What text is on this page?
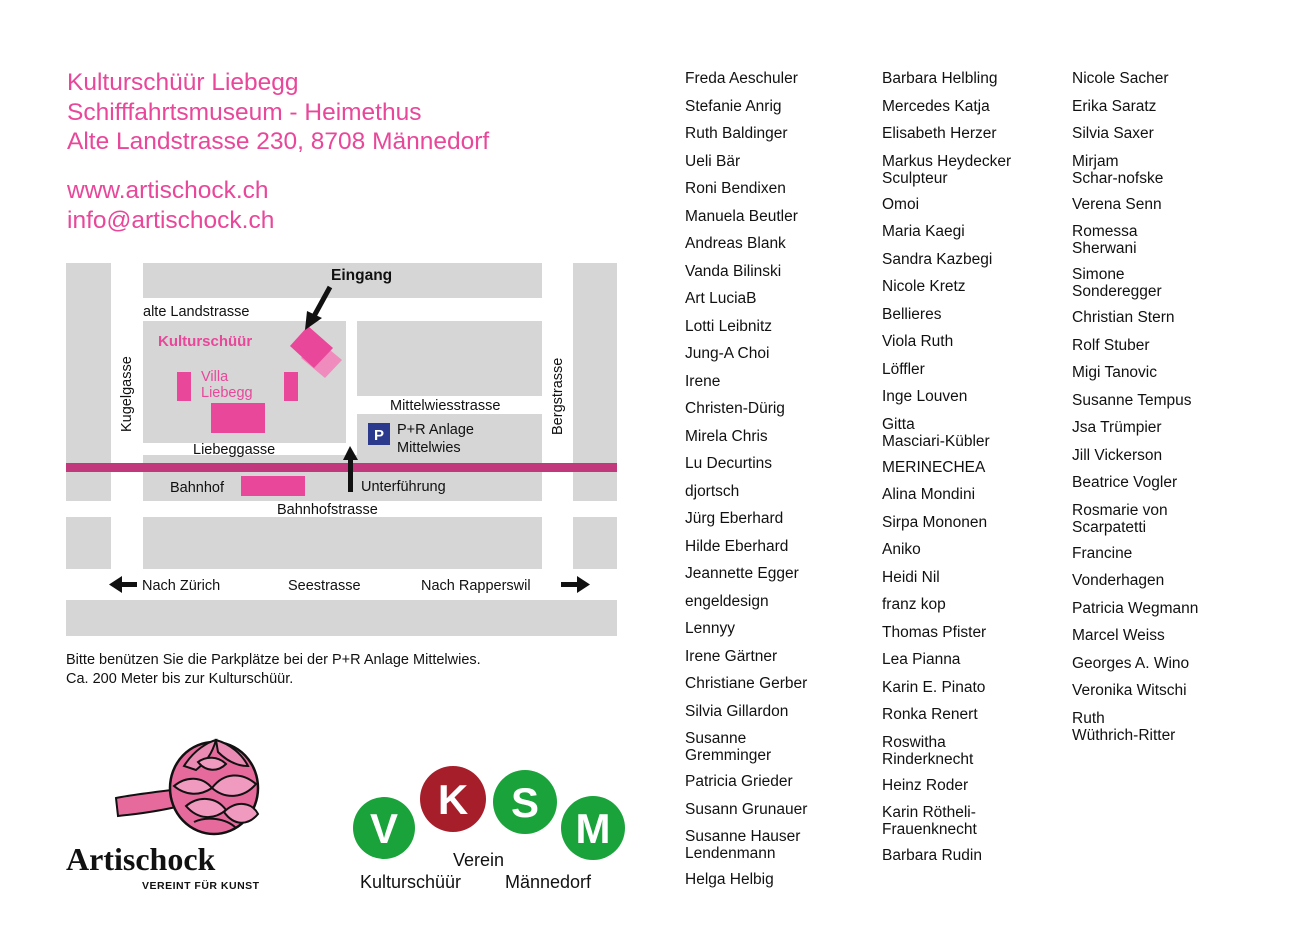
Kulturschüür Liebegg
Schifffahrtsmuseum - Heimethus
Alte Landstrasse 230, 8708 Männedorf
www.artischock.ch
info@artischock.ch
P
Eingang
alte Landstrasse
Kulturschüür
Villa
Liebegg
Kugelgasse	Bergstrasse
Mittelwiesstrasse
P+R Anlage
Mittelwies
Liebeggasse
Bahnhof	Unterführung
Bahnhofstrasse
Nach Zürich	Seestrasse	Nach Rapperswil
Bitte benützen Sie die Parkplätze bei der P+R Anlage Mittelwies.
Ca. 200 Meter bis zur Kulturschüür.
Artischock
VEREINT FÜR KUNST
V
K S
M
Verein
Kulturschüür Männedorf
Freda Aeschuler
Stefanie Anrig
Ruth Baldinger
Ueli Bär
Roni Bendixen
Manuela Beutler
Andreas Blank
Vanda Bilinski
Art LuciaB
Lotti Leibnitz
Jung-A Choi
Irene
Christen-Dürig
Mirela Chris
Lu Decurtins
djortsch
Jürg Eberhard
Hilde Eberhard
Jeannette Egger
engeldesign
Lennyy
Irene Gärtner
Christiane Gerber
Silvia Gillardon
Susanne
Gremminger
Patricia Grieder
Susann Grunauer
Susanne Hauser
Lendenmann
Helga Helbig
Barbara Helbling
Mercedes Katja
Elisabeth Herzer
Markus Heydecker
Sculpteur
Omoi
Maria Kaegi
Sandra Kazbegi
Nicole Kretz
Bellieres
Viola Ruth
Löffler
Inge Louven
Gitta
Masciari-Kübler
MERINECHEA
Alina Mondini
Sirpa Mononen
Aniko
Heidi Nil
franz kop
Thomas Pfister
Lea Pianna
Karin E. Pinato
Ronka Renert
Roswitha
Rinderknecht
Heinz Roder
Karin Rötheli-
Frauenknecht
Barbara Rudin
Nicole Sacher
Erika Saratz
Silvia Saxer
Mirjam
Schar-nofske
Verena Senn
Romessa
Sherwani
Simone
Sonderegger
Christian Stern
Rolf Stuber
Migi Tanovic
Susanne Tempus
Jsa Trümpier
Jill Vickerson
Beatrice Vogler
Rosmarie von
Scarpatetti
Francine
Vonderhagen
Patricia Wegmann
Marcel Weiss
Georges A. Wino
Veronika Witschi
Ruth
Wüthrich-Ritter
